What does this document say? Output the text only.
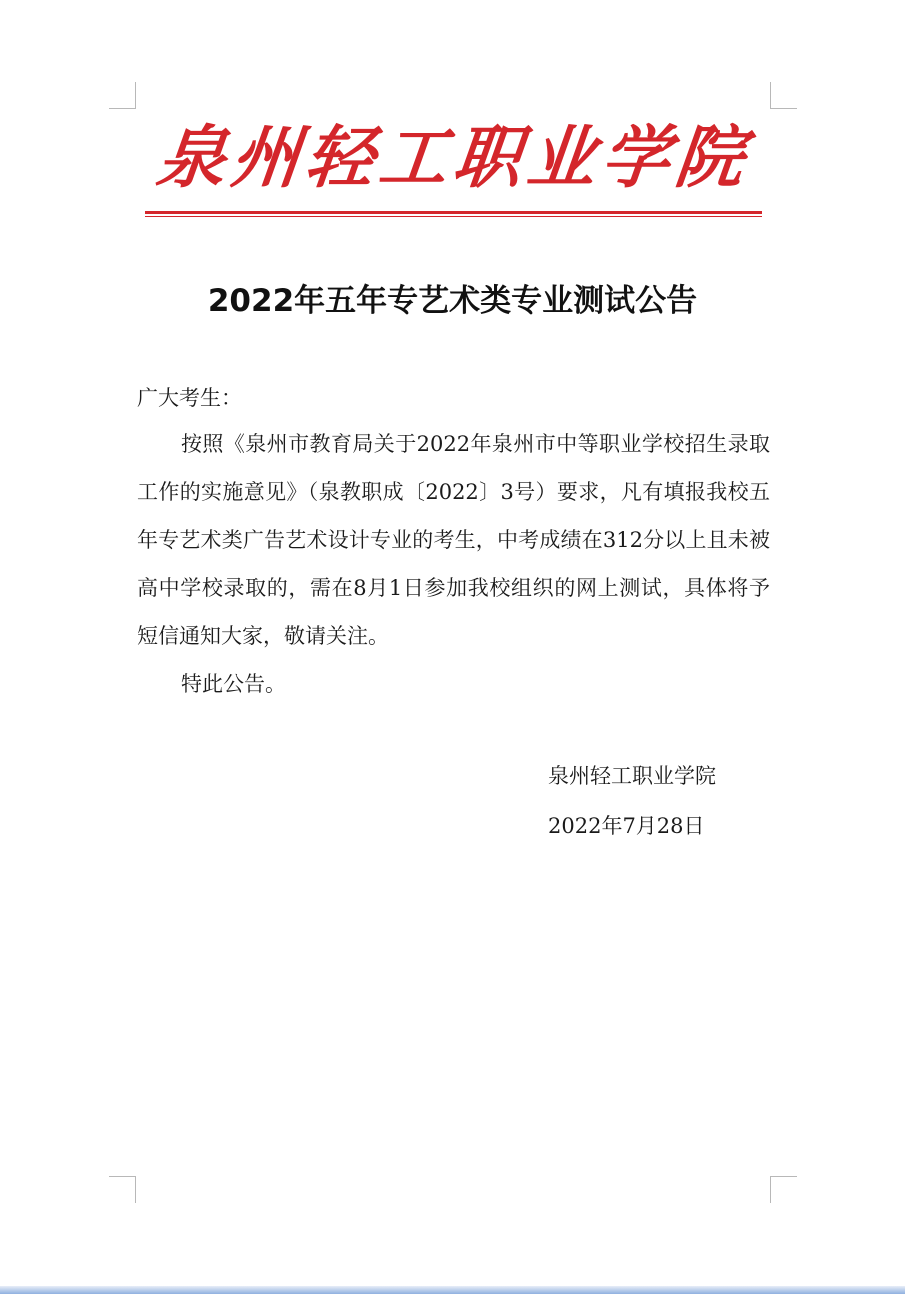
泉州轻工职业学院
2022年五年专艺术类专业测试公告
广大考生：
按照《泉州市教育局关于2022年泉州市中等职业学校招生录取工作的实施意见》（泉教职成〔2022〕3号）要求，凡有填报我校五年专艺术类广告艺术设计专业的考生，中考成绩在312分以上且未被高中学校录取的，需在8月1日参加我校组织的网上测试，具体将予短信通知大家，敬请关注。
特此公告。
泉州轻工职业学院
2022年7月28日
